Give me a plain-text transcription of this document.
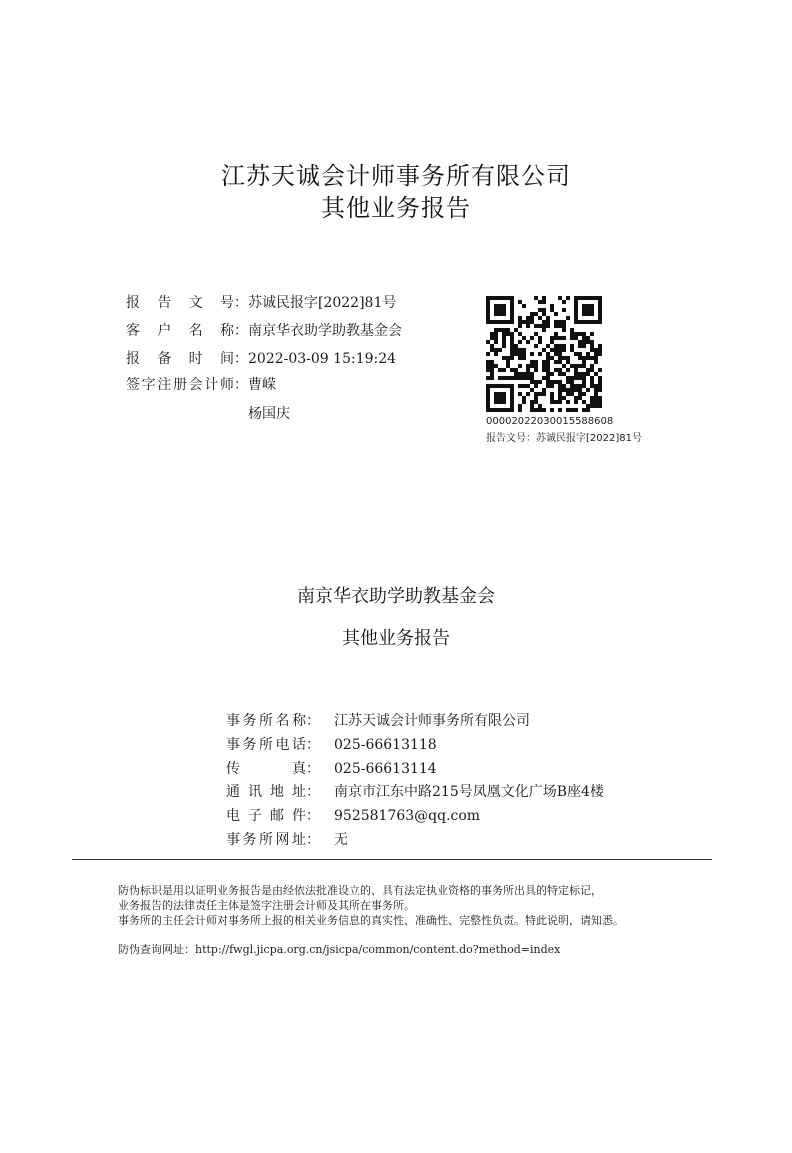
江苏天诚会计师事务所有限公司
其他业务报告
报告文号：苏诚民报字[2022]81号
客户名称：南京华衣助学助教基金会
报备时间：2022-03-09 15:19:24
签字注册会计师：曹嵘
杨国庆	00002022030015588608
报告文号：苏诚民报字[2022]81号
南京华衣助学助教基金会
其他业务报告
事务所名称： 江苏天诚会计师事务所有限公司
事务所电话： 025-66613118
传真： 025-66613114
通讯地址： 南京市江东中路215号凤凰文化广场B座4楼
电子邮件： 952581763@qq.com
事务所网址： 无
防伪标识是用以证明业务报告是由经依法批准设立的、具有法定执业资格的事务所出具的特定标记，
业务报告的法律责任主体是签字注册会计师及其所在事务所。
事务所的主任会计师对事务所上报的相关业务信息的真实性、准确性、完整性负责。特此说明，请知悉。
防伪查询网址：http://fwgl.jicpa.org.cn/jsicpa/common/content.do?method=index
